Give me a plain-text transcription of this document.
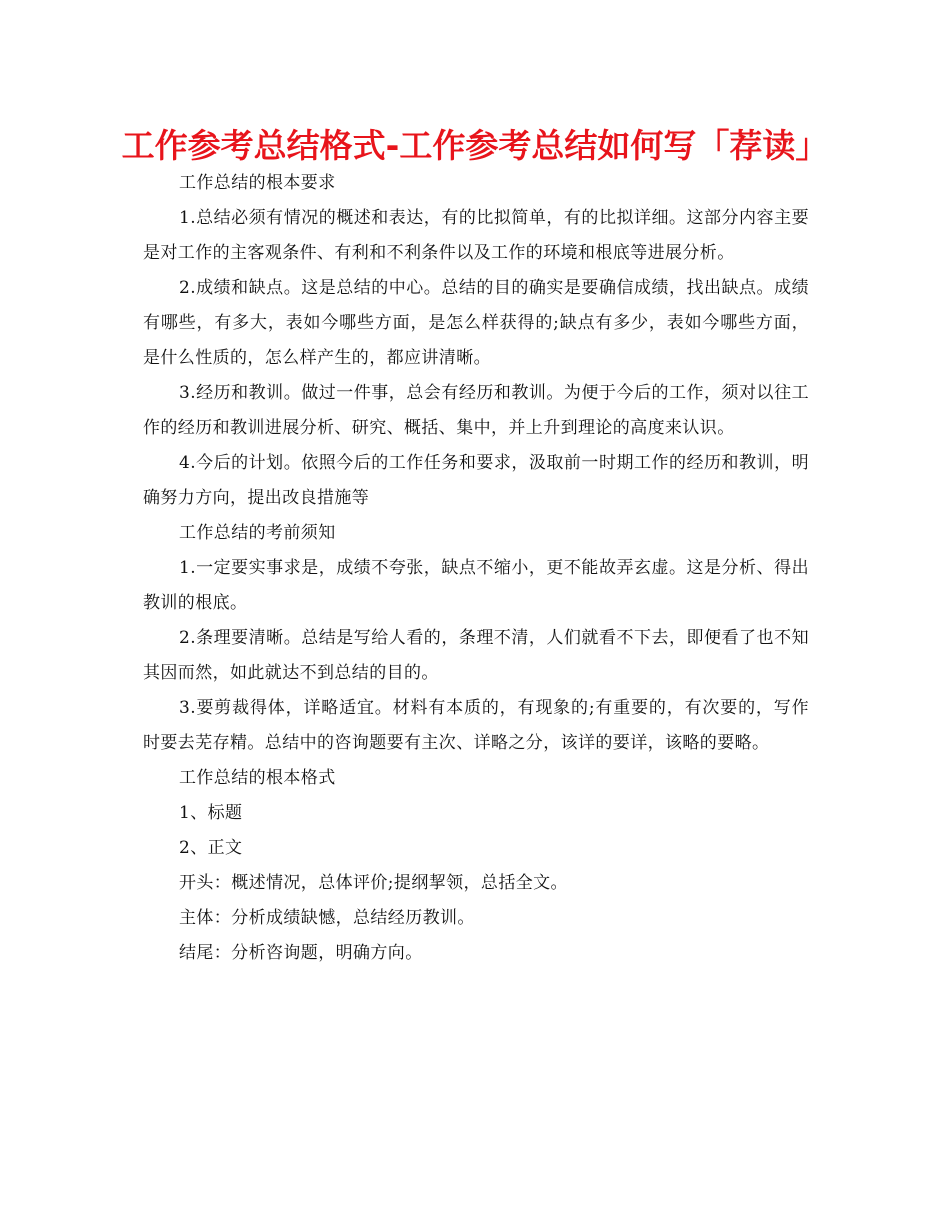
工作参考总结格式-工作参考总结如何写「荐读」

工作总结的根本要求

1.总结必须有情况的概述和表达，有的比拟简单，有的比拟详细。这部分内容主要是对工作的主客观条件、有利和不利条件以及工作的环境和根底等进展分析。

2.成绩和缺点。这是总结的中心。总结的目的确实是要确信成绩，找出缺点。成绩有哪些，有多大，表如今哪些方面，是怎么样获得的;缺点有多少，表如今哪些方面，是什么性质的，怎么样产生的，都应讲清晰。

3.经历和教训。做过一件事，总会有经历和教训。为便于今后的工作，须对以往工作的经历和教训进展分析、研究、概括、集中，并上升到理论的高度来认识。

4.今后的计划。依照今后的工作任务和要求，汲取前一时期工作的经历和教训，明确努力方向，提出改良措施等

工作总结的考前须知

1.一定要实事求是，成绩不夸张，缺点不缩小，更不能故弄玄虚。这是分析、得出教训的根底。

2.条理要清晰。总结是写给人看的，条理不清，人们就看不下去，即便看了也不知其因而然，如此就达不到总结的目的。

3.要剪裁得体，详略适宜。材料有本质的，有现象的;有重要的，有次要的，写作时要去芜存精。总结中的咨询题要有主次、详略之分，该详的要详，该略的要略。

工作总结的根本格式

1、标题

2、正文

开头：概述情况，总体评价;提纲挈领，总括全文。

主体：分析成绩缺憾，总结经历教训。

结尾：分析咨询题，明确方向。
